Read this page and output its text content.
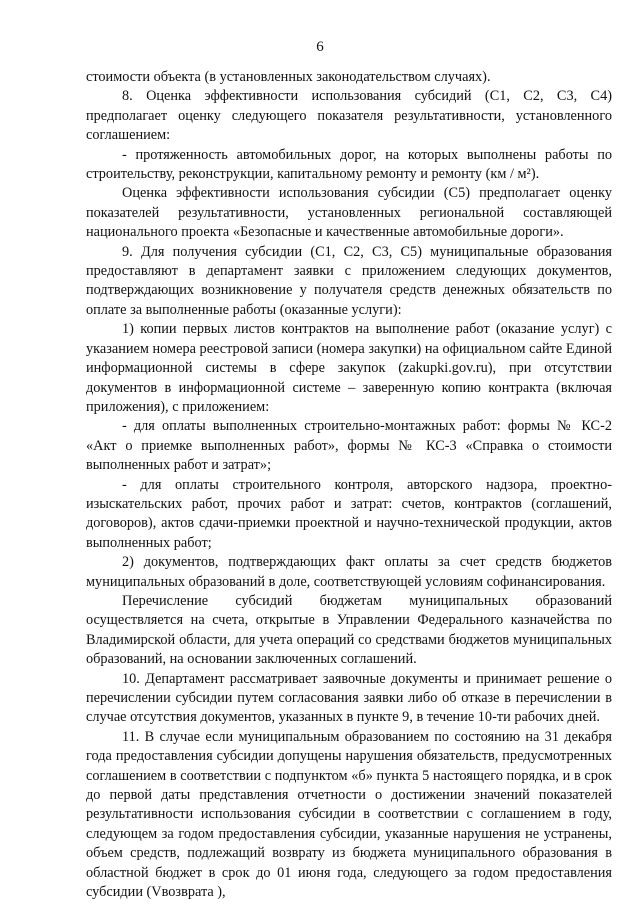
6

стоимости объекта (в установленных законодательством случаях).

8. Оценка эффективности использования субсидий (С1, С2, С3, С4) предполагает оценку следующего показателя результативности, установленного соглашением:

- протяженность автомобильных дорог, на которых выполнены работы по строительству, реконструкции, капитальному ремонту и ремонту (км / м²).

Оценка эффективности использования субсидии (С5) предполагает оценку показателей результативности, установленных региональной составляющей национального проекта «Безопасные и качественные автомобильные дороги».

9. Для получения субсидии (С1, С2, С3, С5) муниципальные образования предоставляют в департамент заявки с приложением следующих документов, подтверждающих возникновение у получателя средств денежных обязательств по оплате за выполненные работы (оказанные услуги):

1) копии первых листов контрактов на выполнение работ (оказание услуг) с указанием номера реестровой записи (номера закупки) на официальном сайте Единой информационной системы в сфере закупок (zakupki.gov.ru), при отсутствии документов в информационной системе – заверенную копию контракта (включая приложения), с приложением:

- для оплаты выполненных строительно-монтажных работ: формы № КС-2 «Акт о приемке выполненных работ», формы № КС-3 «Справка о стоимости выполненных работ и затрат»;

- для оплаты строительного контроля, авторского надзора, проектно-изыскательских работ, прочих работ и затрат: счетов, контрактов (соглашений, договоров), актов сдачи-приемки проектной и научно-технической продукции, актов выполненных работ;

2) документов, подтверждающих факт оплаты за счет средств бюджетов муниципальных образований в доле, соответствующей условиям софинансирования.

Перечисление субсидий бюджетам муниципальных образований осуществляется на счета, открытые в Управлении Федерального казначейства по Владимирской области, для учета операций со средствами бюджетов муниципальных образований, на основании заключенных соглашений.

10. Департамент рассматривает заявочные документы и принимает решение о перечислении субсидии путем согласования заявки либо об отказе в перечислении в случае отсутствия документов, указанных в пункте 9, в течение 10-ти рабочих дней.

11. В случае если муниципальным образованием по состоянию на 31 декабря года предоставления субсидии допущены нарушения обязательств, предусмотренных соглашением в соответствии с подпунктом «б» пункта 5 настоящего порядка, и в срок до первой даты представления отчетности о достижении значений показателей результативности использования субсидии в соответствии с соглашением в году, следующем за годом предоставления субсидии, указанные нарушения не устранены, объем средств, подлежащий возврату из бюджета муниципального образования в областной бюджет в срок до 01 июня года, следующего за годом предоставления субсидии (Vвозврата ),
